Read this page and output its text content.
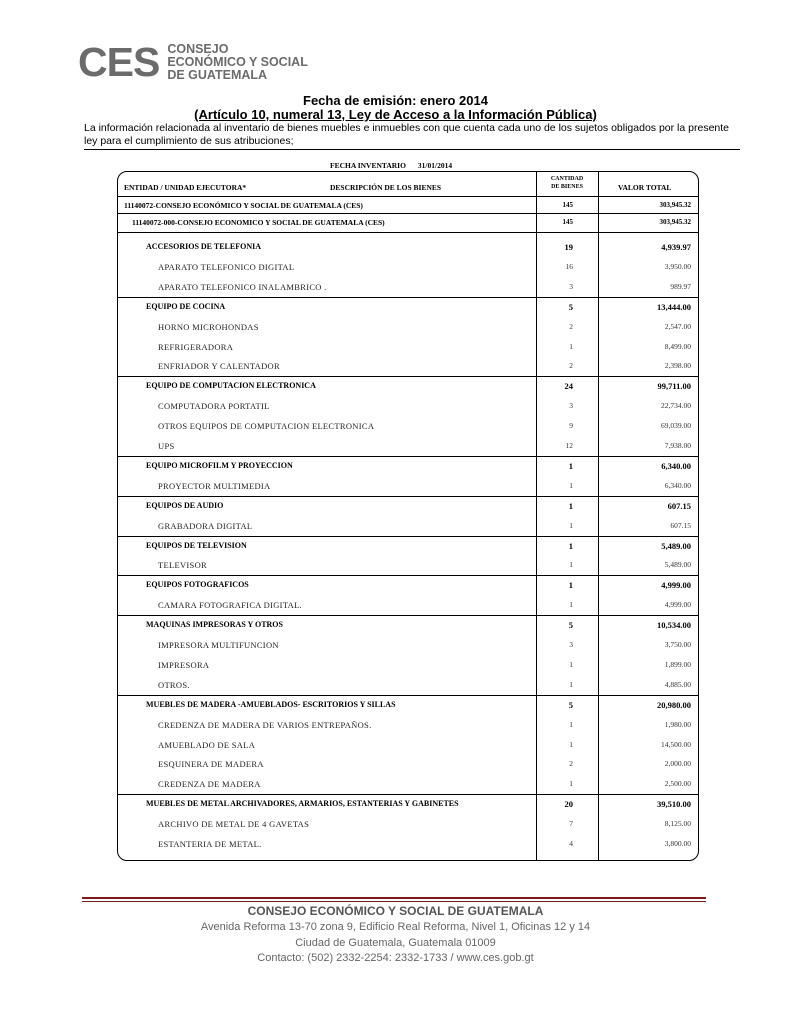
CES CONSEJO
ECONÓMICO Y SOCIAL
DE GUATEMALA
Fecha de emisión: enero 2014
(Artículo 10, numeral 13, Ley de Acceso a la Información Pública)
La información relacionada al inventario de bienes muebles e inmuebles con que cuenta cada uno de los sujetos obligados por la presente ley para el cumplimiento de sus atribuciones;
FECHA INVENTARIO 31/01/2014
ENTIDAD / UNIDAD EJECUTORA*	DESCRIPCIÓN DE LOS BIENES
CANTIDAD
DE BIENES	VALOR TOTAL
11140072-CONSEJO ECONÓMICO Y SOCIAL DE GUATEMALA (CES)	145	303,945.32
11140072-000-CONSEJO ECONOMICO Y SOCIAL DE GUATEMALA (CES)	145	303,945.32
ACCESORIOS DE TELEFONIA	19	4,939.97
APARATO TELEFONICO DIGITAL	16	3,950.00
APARATO TELEFONICO INALAMBRICO .	3	989.97
EQUIPO DE COCINA	5	13,444.00
HORNO MICROHONDAS	2	2,547.00
REFRIGERADORA	1	8,499.00
ENFRIADOR Y CALENTADOR	2	2,398.00
EQUIPO DE COMPUTACION ELECTRONICA	24	99,711.00
COMPUTADORA PORTATIL	3	22,734.00
OTROS EQUIPOS DE COMPUTACION ELECTRONICA	9	69,039.00
UPS	12	7,938.00
EQUIPO MICROFILM Y PROYECCION	1	6,340.00
PROYECTOR MULTIMEDIA	1	6,340.00
EQUIPOS DE AUDIO	1	607.15
GRABADORA DIGITAL	1	607.15
EQUIPOS DE TELEVISION	1	5,489.00
TELEVISOR	1	5,489.00
EQUIPOS FOTOGRAFICOS	1	4,999.00
CAMARA FOTOGRAFICA DIGITAL.	1	4,999.00
MAQUINAS IMPRESORAS Y OTROS	5	10,534.00
IMPRESORA MULTIFUNCION	3	3,750.00
IMPRESORA	1	1,899.00
OTROS.	1	4,885.00
MUEBLES DE MADERA -AMUEBLADOS- ESCRITORIOS Y SILLAS	5	20,980.00
CREDENZA DE MADERA DE VARIOS ENTREPAÑOS.	1	1,980.00
AMUEBLADO DE SALA	1	14,500.00
ESQUINERA DE MADERA	2	2,000.00
CREDENZA DE MADERA	1	2,500.00
MUEBLES DE METAL ARCHIVADORES, ARMARIOS, ESTANTERIAS Y GABINETES	20	39,510.00
ARCHIVO DE METAL DE 4 GAVETAS	7	8,125.00
ESTANTERIA DE METAL.	4	3,800.00
CONSEJO ECONÓMICO Y SOCIAL DE GUATEMALA
Avenida Reforma 13-70 zona 9, Edificio Real Reforma, Nivel 1, Oficinas 12 y 14
Ciudad de Guatemala, Guatemala 01009
Contacto: (502) 2332-2254: 2332-1733 / www.ces.gob.gt
